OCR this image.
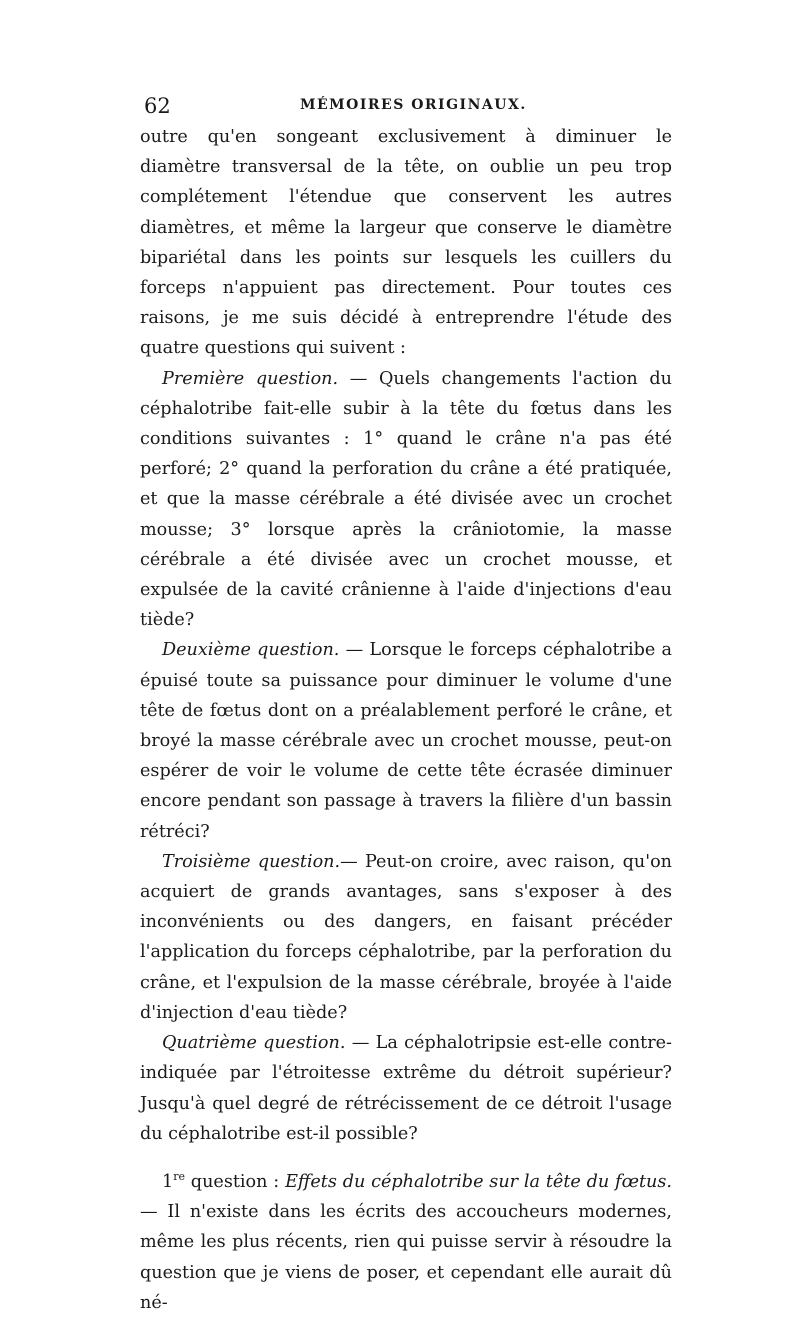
62	MÉMOIRES ORIGINAUX.

outre qu'en songeant exclusivement à diminuer le diamètre transversal de la tête, on oublie un peu trop complétement l'étendue que conservent les autres diamètres, et même la largeur que conserve le diamètre bipariétal dans les points sur lesquels les cuillers du forceps n'appuient pas directement. Pour toutes ces raisons, je me suis décidé à entreprendre l'étude des quatre questions qui suivent :

Première question. — Quels changements l'action du céphalotribe fait-elle subir à la tête du fœtus dans les conditions suivantes : 1° quand le crâne n'a pas été perforé; 2° quand la perforation du crâne a été pratiquée, et que la masse cérébrale a été divisée avec un crochet mousse; 3° lorsque après la crâniotomie, la masse cérébrale a été divisée avec un crochet mousse, et expulsée de la cavité crânienne à l'aide d'injections d'eau tiède?

Deuxième question. — Lorsque le forceps céphalotribe a épuisé toute sa puissance pour diminuer le volume d'une tête de fœtus dont on a préalablement perforé le crâne, et broyé la masse cérébrale avec un crochet mousse, peut-on espérer de voir le volume de cette tête écrasée diminuer encore pendant son passage à travers la filière d'un bassin rétréci?

Troisième question.— Peut-on croire, avec raison, qu'on acquiert de grands avantages, sans s'exposer à des inconvénients ou des dangers, en faisant précéder l'application du forceps céphalotribe, par la perforation du crâne, et l'expulsion de la masse cérébrale, broyée à l'aide d'injection d'eau tiède?

Quatrième question. — La céphalotripsie est-elle contre-indiquée par l'étroitesse extrême du détroit supérieur? Jusqu'à quel degré de rétrécissement de ce détroit l'usage du céphalotribe est-il possible?

1re question : Effets du céphalotribe sur la tête du fœtus. — Il n'existe dans les écrits des accoucheurs modernes, même les plus récents, rien qui puisse servir à résoudre la question que je viens de poser, et cependant elle aurait dû né-
